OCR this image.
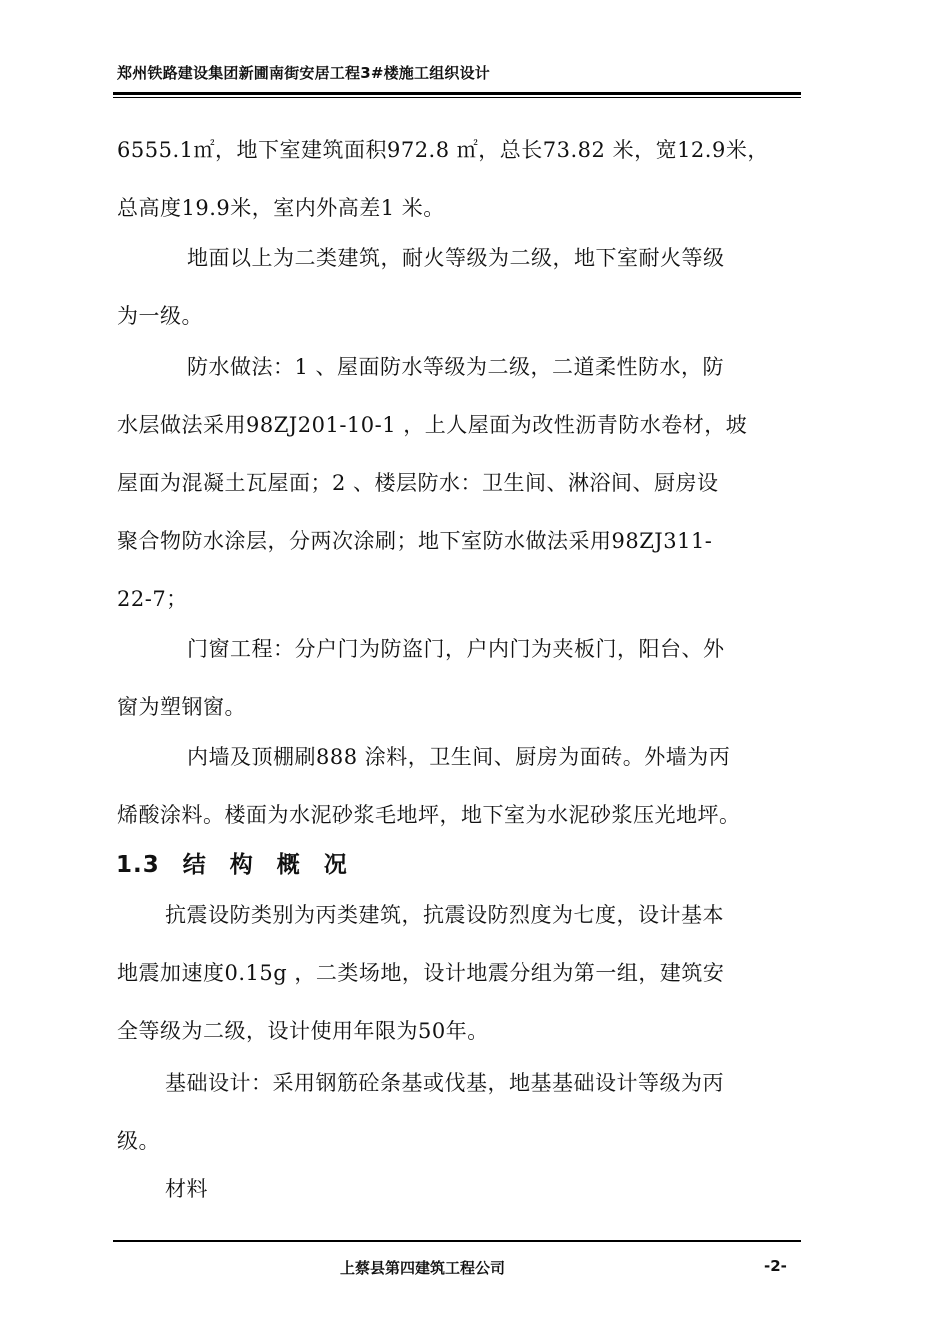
郑州铁路建设集团新圃南街安居工程3#楼施工组织设计
6555.1㎡，地下室建筑面积972.8 ㎡，总长73.82 米，宽12.9米，
总高度19.9米，室内外高差1 米。
地面以上为二类建筑，耐火等级为二级，地下室耐火等级
为一级。
防水做法：1 、屋面防水等级为二级，二道柔性防水，防
水层做法采用98ZJ201-10-1 ，上人屋面为改性沥青防水卷材，坡
屋面为混凝土瓦屋面；2 、楼层防水：卫生间、淋浴间、厨房设
聚合物防水涂层，分两次涂刷；地下室防水做法采用98ZJ311-
22-7；
门窗工程：分户门为防盗门，户内门为夹板门，阳台、外
窗为塑钢窗。
内墙及顶棚刷888 涂料，卫生间、厨房为面砖。外墙为丙
烯酸涂料。楼面为水泥砂浆毛地坪，地下室为水泥砂浆压光地坪。
1.3 结 构 概 况
抗震设防类别为丙类建筑，抗震设防烈度为七度，设计基本
地震加速度0.15g ，二类场地，设计地震分组为第一组，建筑安
全等级为二级，设计使用年限为50年。
基础设计：采用钢筋砼条基或伐基，地基基础设计等级为丙
级。
材料
上蔡县第四建筑工程公司	-2-
